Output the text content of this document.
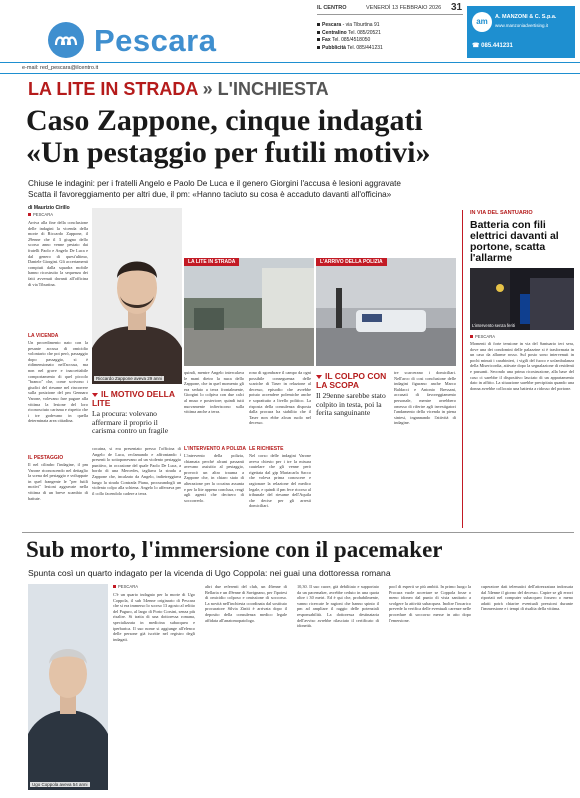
Pescara
IL CENTRO	VENERDÌ 13 FEBBRAIO 2026 31
Pescara - via Tiburtina 91
Centralino Tel. 085/20521
Fax Tel. 085/4518050
Pubblicità Tel. 085/441231
am	A. MANZONI & C. S.p.a.
www.manzoniadvertising.it
☎ 085.441231
e-mail: red_pescara@ilcentro.it
LA LITE IN STRADA » L'INCHIESTA
Caso Zappone, cinque indagati
«Un pestaggio per futili motivi»
Chiuse le indagini: per i fratelli Angelo e Paolo De Luca e il genero Giorgini l'accusa è lesioni aggravate
Scatta il favoreggiamento per altri due, il pm: «Hanno taciuto su cosa è accaduto davanti all'officina»
di Maurizio Cirillo
PESCARA
Arriva alla fine della conclusione delle indagini la vicenda della morte di Riccardo Zappone, il 29enne che il 3 giugno dello scorso anno venne pestato dai fratelli Paolo e Angelo De Luca e dal genero di quest'ultimo, Daniele Giorgini. Gli accertamenti compiuti dalla squadra mobile hanno ricostruito la sequenza dei fatti avvenuti davanti all'officina di via Tiburtina.
LA VICENDA
Un procedimento nato con la pesante accusa di omicidio volontario che poi però, passaggio dopo passaggio, si è ridimensionato nell'accusa, ma non nel grave e inaccettabile comportamento di quel piccolo "branco" che, come scrivono i giudici del riesame nel rincorrere sulla posizione del pm Gennaro Varone, volevano fare pagare alla vittima la lesione del loro riconosciuto carisma e rispetto che i tre godevano in quella determinata area cittadina.
IL PESTAGGIO
Il nel cilindro l'indagine, il pm Varone riconoscendo nel dettaglio la scena del pestaggio e sviluppate in quel frangente le "per futili motivi" lesioni aggravate nella vittima di un breve scambio di battute.
Riccardo Zappone aveva 29 anni
LA LITE IN STRADA	L'ARRIVO DELLA POLIZIA
IL MOTIVO DELLA LITE
La procura: volevano affermare il proprio il carisma contro un fragile
cocaina, si era presentato presso l'officina di Angelo de Luca, reclamando e affrontando i presenti lo sottoponevano ad un violento pestaggio punitivo, in occasione del quale Paolo De Luca, a bordo di una Mercedes, tagliava la strada a Zappone che, incalzato da Angelo, indietreggiava lungo la strada Contrada Piana, procurandogli un violento colpo alla schiena. Angelo lo afferrava per il collo facendolo cadere a terra.
quindi, mentre Angelo intercalava le mani dietro la nuca dello Zappone, che in quel momento gli era seduto a terra frontalmente, Giorgini lo colpiva con due calci al muso e posteriore; quindi tutti nuovamente infieriscono sulla vittima anche a terra.
L'INTERVENTO A POLIZIA
L'intervento della polizia, chiamata perché alcuni passanti avevano assistito al pestaggio, provocò un altro trauma a Zappone che, in chiaro stato di alterazione per la cocaina assunta e per la lite appena conclusa, reagì agli agenti che decisero di soccorrerlo.
rono di sgombrare il campo da ogni possibile conseguenza delle scariche di Taser in relazione al decesso, episodio che avrebbe potuto accendere polemiche anche e soprattutto a livello politico. La risposta della consulenza disposta dalla procura ha stabilito che il Taser non ebbe alcun ruolo nel decesso.
LE RICHIESTE
Nel corso delle indagini Varone aveva chiesto per i tre la misura cautelare che gli venne però rigettata dal gip Mariacarla Sacco che voleva prima conoscere e ragionare la relazione del medico legale, e quindi il pm fece ricorso al tribunale del riesame dell'Aquila che decise per gli arresti domiciliari.
IL COLPO CON LA SCOPA
Il 29enne sarebbe stato colpito in testa, poi la ferita sanguinante
tre scarcerano i domiciliari. Nell'arco di cosi conclusione delle indagini figurano anche Marco Baldacci e Antonio Bressani, accusati di favoreggiamento personale, mentre avrebbero omesso di riferire agli investigatori l'andamento della vicenda in piena sintesi, ingannando l'attività di indagine.
IN VIA DEL SANTUARIO
Batteria con fili elettrici davanti al portone, scatta l'allarme
L'intervento senza feriti
PESCARA
Momenti di forte tensione in via del Santuario ieri sera, dove una dei condomini delle palazzine si è trasformata in un caso da allarme rosso. Sul posto sono intervenuti in pochi minuti i carabinieri, i vigili del fuoco e un'ambulanza della Misericordia, attivate dopo la segnalazione di residenti e passanti. Secondo una prima ricostruzione, alla base del caso ci sarebbe il dispositivo lasciato di un appartamento dato in affitto. La situazione sarebbe precipitata quando una donna avrebbe collocato una batteria a ridosso del portone.
Sub morto, l'immersione con il pacemaker
Spunta così un quarto indagato per la vicenda di Ugo Coppola: nei guai una dottoressa romana
Ugo Coppola aveva 54 anni
PESCARA
C'è un quarto indagato per la morte di Ugo Coppola, il sub 54enne originario di Pescara che si era immerso lo scorso 13 agosto al relitto del Paguro, al largo di Porto Corsini, senza più risalire. Si tratta di una dottoressa romana, specializzata in medicina subacquea e iperbarica. Il suo nome si aggiunge all'elenco delle persone già iscritte nel registro degli indagati.
altri due referenti del club, un 46enne di Bellaria e un 49enne di Savignano, per l'ipotesi di omicidio colposo e omissione di soccorso. La novità nell'inchiesta coordinata dal sostituto procuratore Silvia Ziniti è arrivata dopo il deposito della consulenza medico legale affidata all'anatomopatologo.
10,30. Il suo cuore, già debilitato e supportato da un pacemaker, avrebbe ceduto in una quota oltre i 30 metri. Ed è qui che, probabilmente, vanno ricercate le ragioni che hanno spinto il pm ad ampliare il raggio delle potenziali responsabilità. La dottoressa destinataria dell'avviso avrebbe rilasciato il certificato di idoneità.
pool di esperti se più ambiti. In primo luogo la Procura vuole accertare se Coppola fosse o meno idoneo dal punto di vista sanitario a svolgere la attività subacquea. Inoltre l'incarico prevede la verifica delle eventuali carenze nelle procedure di soccorso messe in atto dopo l'emersione.
cuperatore dati telematici dell'attrezzatura indossata dal 54enne il giorno del decesso. Capire se gli errori riportati nel computer subacqueo fossero o meno adatti potrà chiarire eventuali pressioni durante l'immersione e i tempi di risalita della vittima.
